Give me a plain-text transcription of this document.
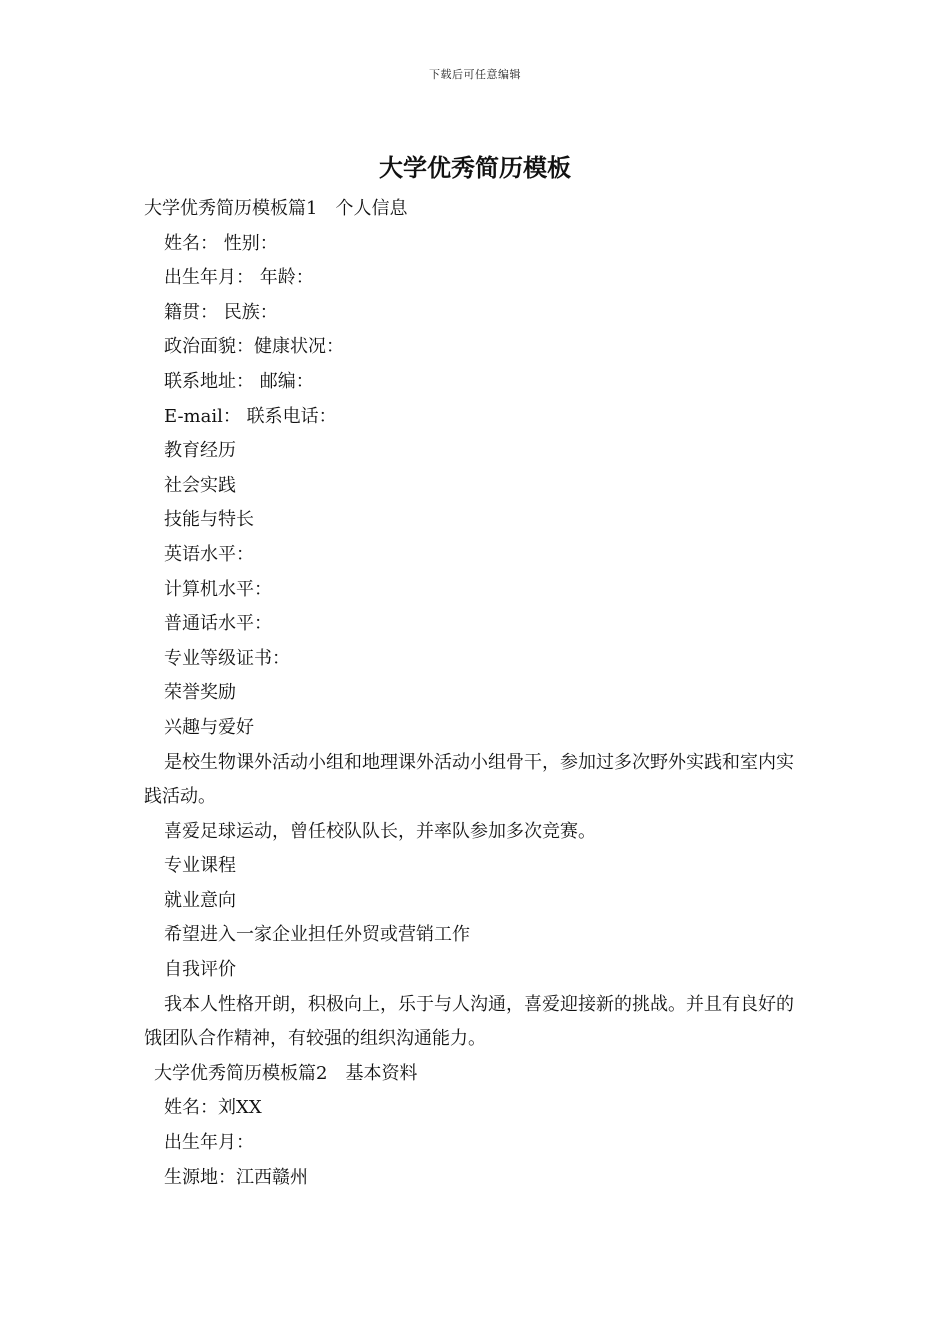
下载后可任意编辑
大学优秀简历模板
大学优秀简历模板篇1　个人信息
姓名： 性别：
出生年月： 年龄：
籍贯： 民族：
政治面貌：健康状况：
联系地址： 邮编：
E-mail： 联系电话：
教育经历
社会实践
技能与特长
英语水平：
计算机水平：
普通话水平：
专业等级证书：
荣誉奖励
兴趣与爱好
是校生物课外活动小组和地理课外活动小组骨干，参加过多次野外实践和室内实践活动。
喜爱足球运动，曾任校队队长，并率队参加多次竞赛。
专业课程
就业意向
希望进入一家企业担任外贸或营销工作
自我评价
我本人性格开朗，积极向上，乐于与人沟通，喜爱迎接新的挑战。并且有良好的饿团队合作精神，有较强的组织沟通能力。
大学优秀简历模板篇2　基本资料
姓名：刘XX
出生年月：
生源地：江西赣州
